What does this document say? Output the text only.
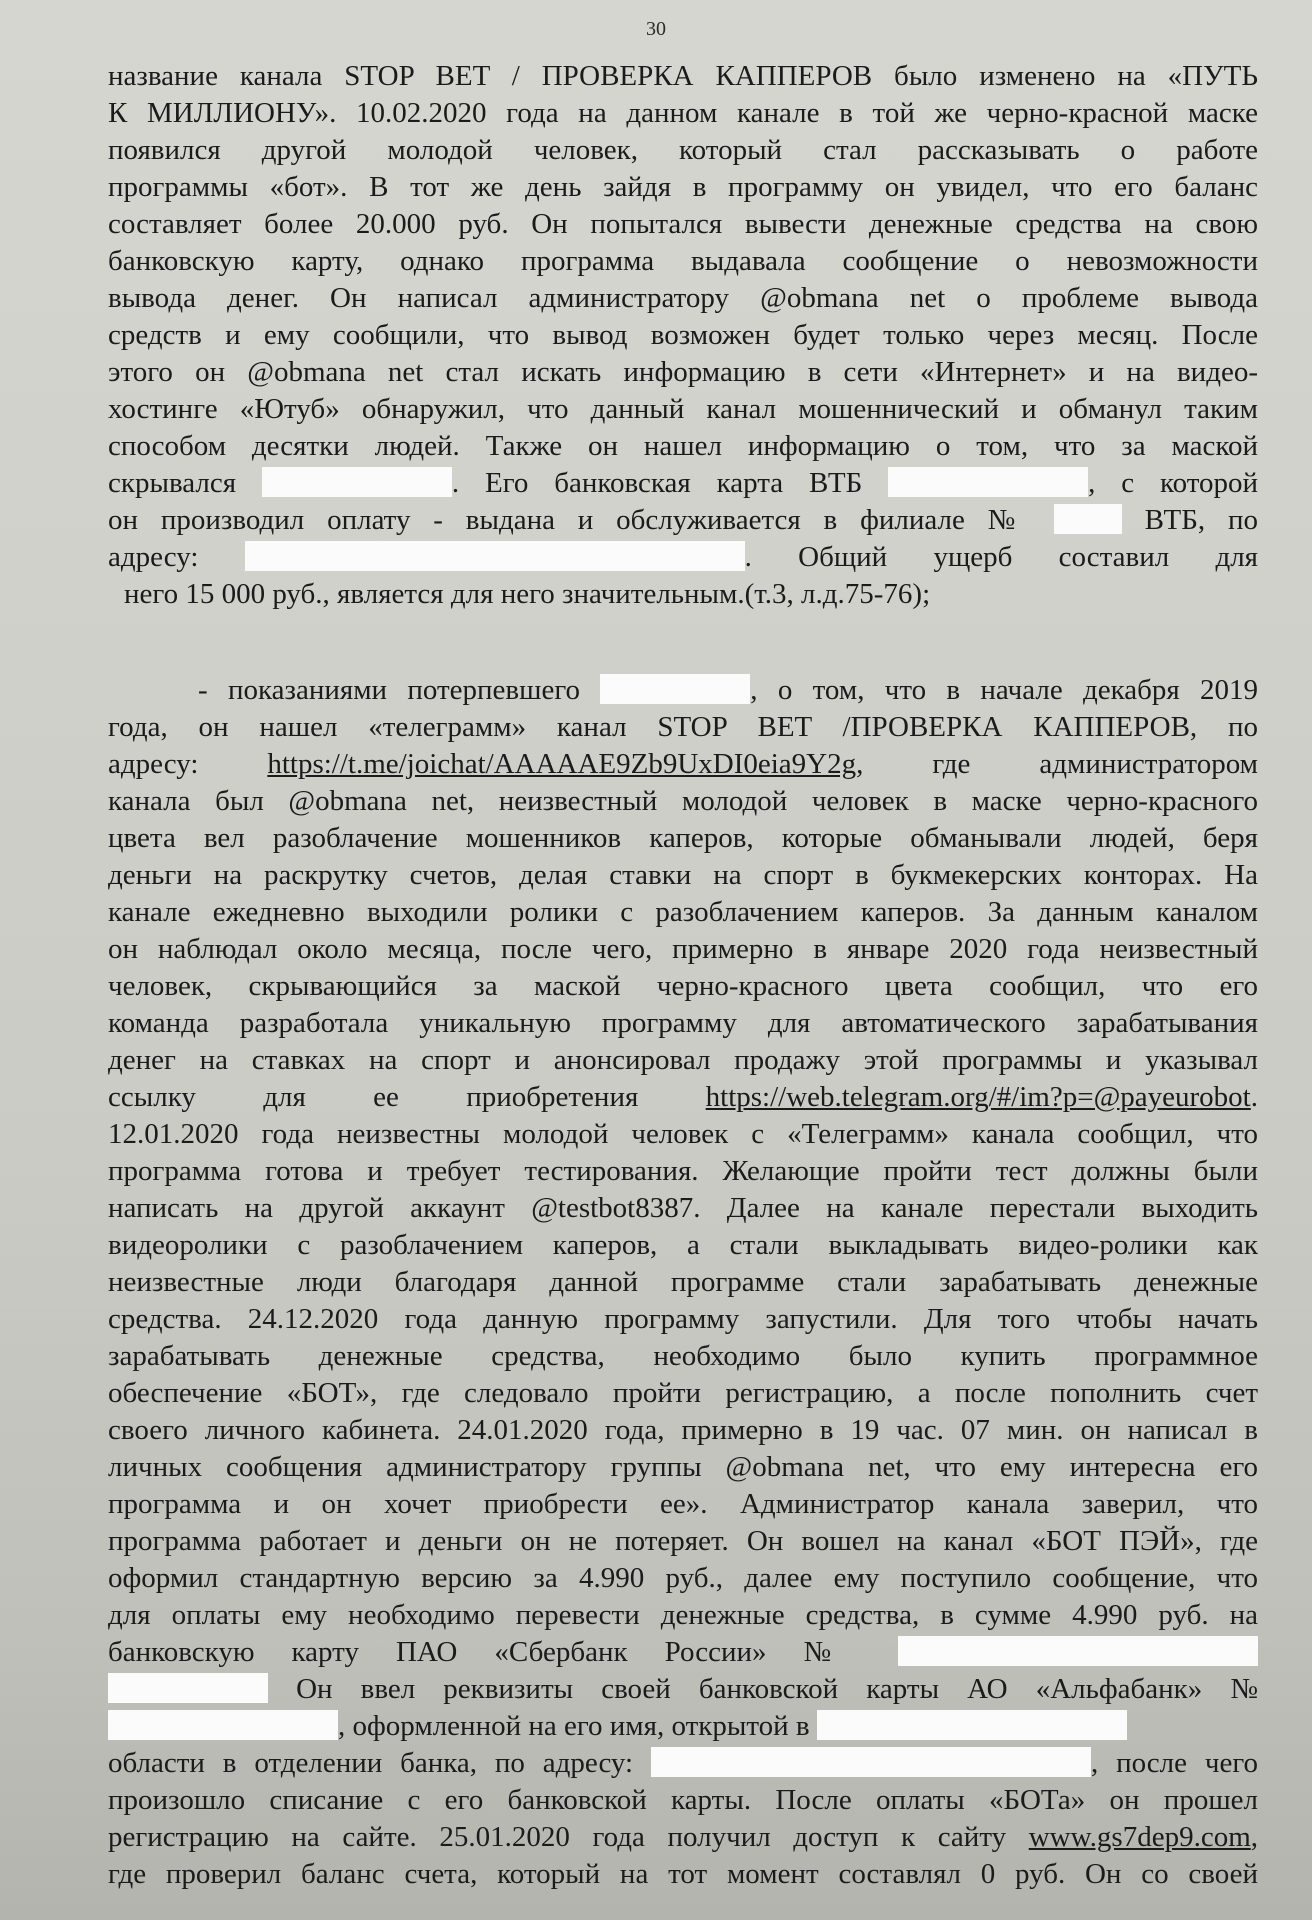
30
название канала STOP BET / ПРОВЕРКА КАППЕРОВ было изменено на «ПУТЬ
К МИЛЛИОНУ». 10.02.2020 года на данном канале в той же черно-красной маске
появился другой молодой человек, который стал рассказывать о работе
программы «бот». В тот же день зайдя в программу он увидел, что его баланс
составляет более 20.000 руб. Он попытался вывести денежные средства на свою
банковскую карту, однако программа выдавала сообщение о невозможности
вывода денег. Он написал администратору @obmana net о проблеме вывода
средств и ему сообщили, что вывод возможен будет только через месяц. После
этого он @obmana net стал искать информацию в сети «Интернет» и на видео-
хостинге «Ютуб» обнаружил, что данный канал мошеннический и обманул таким
способом десятки людей. Также он нашел информацию о том, что за маской
скрывался	. Его банковская карта ВТБ	, с которой
он производил оплату - выдана и обслуживается в филиале №	ВТБ, по
адресу:	. Общий ущерб составил для
него 15 000 руб., является для него значительным.(т.3, л.д.75-76);
- показаниями потерпевшего	, о том, что в начале декабря 2019
года, он нашел «телеграмм» канал STOP BET /ПРОВЕРКА КАППЕРОВ, по
адресу: https://t.me/joichat/AAAAAE9Zb9UxDI0eia9Y2g, где администратором
канала был @obmana net, неизвестный молодой человек в маске черно-красного
цвета вел разоблачение мошенников каперов, которые обманывали людей, беря
деньги на раскрутку счетов, делая ставки на спорт в букмекерских конторах. На
канале ежедневно выходили ролики с разоблачением каперов. За данным каналом
он наблюдал около месяца, после чего, примерно в январе 2020 года неизвестный
человек, скрывающийся за маской черно-красного цвета сообщил, что его
команда разработала уникальную программу для автоматического зарабатывания
денег на ставках на спорт и анонсировал продажу этой программы и указывал
ссылку для ее приобретения https://web.telegram.org/#/im?p=@payeurobot.
12.01.2020 года неизвестны молодой человек с «Телеграмм» канала сообщил, что
программа готова и требует тестирования. Желающие пройти тест должны были
написать на другой аккаунт @testbot8387. Далее на канале перестали выходить
видеоролики с разоблачением каперов, а стали выкладывать видео-ролики как
неизвестные люди благодаря данной программе стали зарабатывать денежные
средства. 24.12.2020 года данную программу запустили. Для того чтобы начать
зарабатывать денежные средства, необходимо было купить программное
обеспечение «БОТ», где следовало пройти регистрацию, а после пополнить счет
своего личного кабинета. 24.01.2020 года, примерно в 19 час. 07 мин. он написал в
личных сообщения администратору группы @obmana net, что ему интересна его
программа и он хочет приобрести ее». Администратор канала заверил, что
программа работает и деньги он не потеряет. Он вошел на канал «БОТ ПЭЙ», где
оформил стандартную версию за 4.990 руб., далее ему поступило сообщение, что
для оплаты ему необходимо перевести денежные средства, в сумме 4.990 руб. на
банковскую карту ПАО «Сбербанк России» №
Он ввел реквизиты своей банковской карты АО «Альфабанк» №
, оформленной на его имя, открытой в
области в отделении банка, по адресу:	, после чего
произошло списание с его банковской карты. После оплаты «БОТа» он прошел
регистрацию на сайте. 25.01.2020 года получил доступ к сайту www.gs7dep9.com,
где проверил баланс счета, который на тот момент составлял 0 руб. Он со своей
